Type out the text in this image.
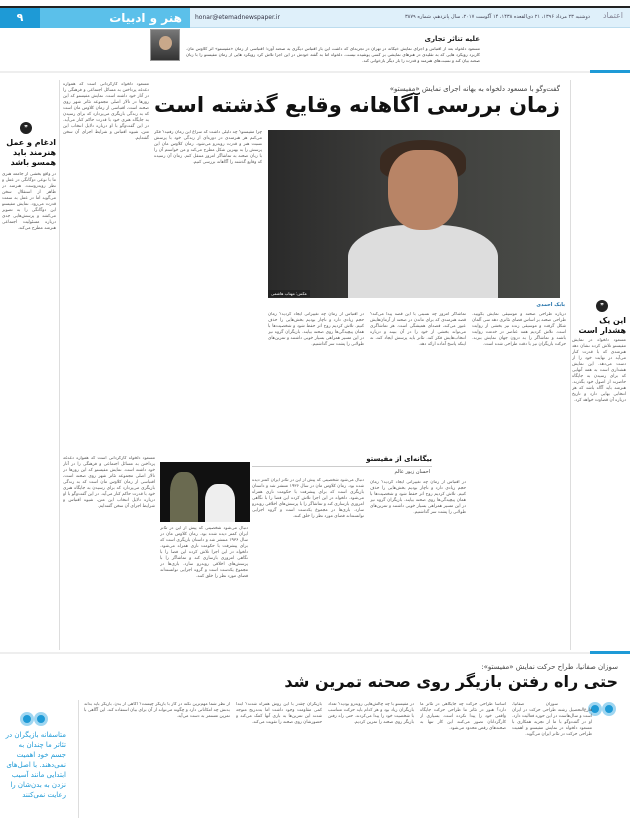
اعتماد
دوشنبه ۲۳ مرداد ۱۳۹۶، ۲۱ ذی‌القعده ۱۴۳۸، ۱۴ آگوست ۲۰۱۷، سال پانزدهم، شماره ۳۸۷۹
honar@etemadnewspaper.ir
هنر و ادبیات
۹
علیه تناثر تجاری
مسعود دلخواه بعد از اقتباس و اجرای نمایش خیکانه در تهران در تجربه‌ای که داشت این بار اقتباس دیگری به صحنه آورد؛ اقتباسی از رمان «مفیستو» اثر کلاوس مان. کاربرد رویکرد هایی که به تقلیدی در هنرهای نمایشی بر کسی پوشیده نیست. دلخواه اما به گفته خودش در این اجرا تلاش کرد رویکرد هایی از رمان مفیستو را با زبان صحنه بیان کند و نسبت‌های هنرمند و قدرت را بار دیگر بازخوانی کند.
❞
این یک هشدار است
مسعود دلخواه در نمایش مفیستو تلاش کرده نشان دهد هنرمندی که با قدرت کنار می‌آید در نهایت خود را از دست می‌دهد. این نمایش هشداری است به همه آنهایی که برای رسیدن به جایگاه حاضرند از اصول خود بگذرند. هنرمند باید آگاه باشد که هر انتخابی بهایی دارد و تاریخ درباره آن قضاوت خواهد کرد.
❞
ادغام و عمل هنرمند باید همسو باشد
در واقع بخشی از جامعه هنری ما با نوعی دوگانگی در عمل و نظر روبه‌روست. هنرمند در ظاهر از استقلال سخن می‌گوید اما در عمل به سمت قدرت می‌رود. نمایش مفیستو این دوگانگی را به تصویر می‌کشد و پرسش‌هایی جدی درباره مسئولیت اجتماعی هنرمند مطرح می‌کند.
گفت‌وگو با مسعود دلخواه به بهانه اجرای نمایش «مفیستو»
زمان بررسی آگاهانه وقایع گذشته است
مسعود دلخواه کارگردانی است که همواره دغدغه پرداختن به مسائل اجتماعی و فرهنگی را در آثار خود داشته است. نمایش مفیستو که این روزها در تالار اصلی مجموعه تئاتر شهر روی صحنه است، اقتباسی از رمان کلاوس مان است که به زندگی بازیگری می‌پردازد که برای رسیدن به جایگاه هنری خود با قدرت حاکم کنار می‌آید. در این گفت‌وگو با او درباره دلایل انتخاب این متن، شیوه اقتباس و شرایط اجرای آن سخن گفته‌ایم.
چرا مفیستو؟ چه دلیلی داشت که سراغ این رمان رفتید؟ فکر می‌کنم هر هنرمندی در دوره‌ای از زندگی خود با پرسش نسبت هنر و قدرت روبه‌رو می‌شود. رمان کلاوس مان این پرسش را به بهترین شکل مطرح می‌کند و من خواستم آن را با زبان صحنه به تماشاگر امروز منتقل کنم. زمان آن رسیده که وقایع گذشته را آگاهانه بررسی کنیم.
عکس: مهتاب هاشمی
بابک احمدی
در اقتباس از رمان چه تغییراتی ایجاد کردید؟ رمان حجم زیادی دارد و ناچار بودیم بخش‌هایی را حذف کنیم. تلاش کردیم روح اثر حفظ شود و شخصیت‌ها با همان پیچیدگی‌ها روی صحنه بیایند. بازیگران گروه نیز در این مسیر همراهی بسیار خوبی داشتند و تمرین‌های طولانی را پشت سر گذاشتیم.
تماشاگر امروز چه نسبتی با این قصه پیدا می‌کند؟ قصه هنرمندی که برای ماندن در صحنه از آرمان‌هایش عبور می‌کند، قصه‌ای همیشگی است. هر تماشاگری می‌تواند بخشی از خود را در آن ببیند و درباره انتخاب‌هایش فکر کند. تئاتر باید پرسش ایجاد کند، نه اینکه پاسخ آماده ارائه دهد.
درباره طراحی صحنه و موسیقی نمایش بگویید. طراحی صحنه بر اساس فضای تئاتری دهه سی آلمان شکل گرفت و موسیقی زنده نیز بخشی از روایت است. تلاش کردیم همه عناصر در خدمت روایت باشند و تماشاگر را به درون جهان نمایش ببرند. حرکت بازیگران نیز با دقت طراحی شده است.
مسعود دلخواه کارگردانی است که همواره دغدغه پرداختن به مسائل اجتماعی و فرهنگی را در آثار خود داشته است. نمایش مفیستو که این روزها در تالار اصلی مجموعه تئاتر شهر روی صحنه است، اقتباسی از رمان کلاوس مان است که به زندگی بازیگری می‌پردازد که برای رسیدن به جایگاه هنری خود با قدرت حاکم کنار می‌آید. در این گفت‌وگو با او درباره دلایل انتخاب این متن، شیوه اقتباس و شرایط اجرای آن سخن گفته‌ایم.
در اقتباس از رمان چه تغییراتی ایجاد کردید؟ رمان حجم زیادی دارد و ناچار بودیم بخش‌هایی را حذف کنیم. تلاش کردیم روح اثر حفظ شود و شخصیت‌ها با همان پیچیدگی‌ها روی صحنه بیایند. بازیگران گروه نیز در این مسیر همراهی بسیار خوبی داشتند و تمرین‌های طولانی را پشت سر گذاشتیم.
بیگانه‌ای از مفیستو
احسان زیور عالم
دنبال می‌شود شخصیتی که پیش از این در تئاتر ایران کمتر دیده شده بود. رمان کلاوس مان در سال ۱۹۳۶ منتشر شد و داستان بازیگری است که برای پیشرفت با حکومت نازی همراه می‌شود. دلخواه در این اجرا تلاش کرده این فضا را با نگاهی امروزی بازسازی کند و تماشاگر را با پرسش‌های اخلاقی روبه‌رو سازد. بازی‌ها در مجموع یکدست است و گروه اجرایی توانسته‌اند فضای مورد نظر را خلق کنند.
دنبال می‌شود شخصیتی که پیش از این در تئاتر ایران کمتر دیده شده بود. رمان کلاوس مان در سال ۱۹۳۶ منتشر شد و داستان بازیگری است که برای پیشرفت با حکومت نازی همراه می‌شود. دلخواه در این اجرا تلاش کرده این فضا را با نگاهی امروزی بازسازی کند و تماشاگر را با پرسش‌های اخلاقی روبه‌رو سازد. بازی‌ها در مجموع یکدست است و گروه اجرایی توانسته‌اند فضای مورد نظر را خلق کنند.
سوزان صفانیا، طراح حرکت نمایش «مفیستو»:
حتی راه رفتن بازیگر روی صحنه تمرین شد
متاسفانه بازیگران در تئاتر ما چندان به جسم خود اهمیت نمی‌دهند. با اصل‌های ابتدایی مانند آسیب نزدن به بدن‌شان را رعایت نمی‌کنند
سوزان صفانیا، فارغ‌التحصیل رشته طراحی حرکت در ایران است و سال‌هاست در این حوزه فعالیت دارد. او در گفت‌وگو با ما از تجربه همکاری با مسعود دلخواه در نمایش مفیستو و اهمیت طراحی حرکت در تئاتر ایران می‌گوید.
اساسا طراحی حرکت چه جایگاهی در تئاتر ما دارد؟ هنوز در تئاتر ما طراحی حرکت جایگاه واقعی خود را پیدا نکرده است. بسیاری از کارگردانان تصور می‌کنند این کار تنها به صحنه‌های رقص محدود می‌شود.
در مفیستو با چه چالش‌هایی روبه‌رو بودید؟ تعداد بازیگران زیاد بود و هر کدام باید حرکت متناسب با شخصیت خود را پیدا می‌کردند. حتی راه رفتن بازیگر روی صحنه را تمرین کردیم.
بازیگران چقدر با این روش همراه شدند؟ ابتدا کمی مقاومت وجود داشت اما به‌تدریج متوجه شدند این تمرین‌ها به بازی آنها کمک می‌کند و حضورشان روی صحنه را تقویت می‌کند.
از نظر شما مهم‌ترین نکته در کار با بازیگر چیست؟ آگاهی از بدن. بازیگر باید بداند بدنش چه امکاناتی دارد و چگونه می‌تواند از آن برای بیان استفاده کند. این آگاهی با تمرین مستمر به دست می‌آید.
